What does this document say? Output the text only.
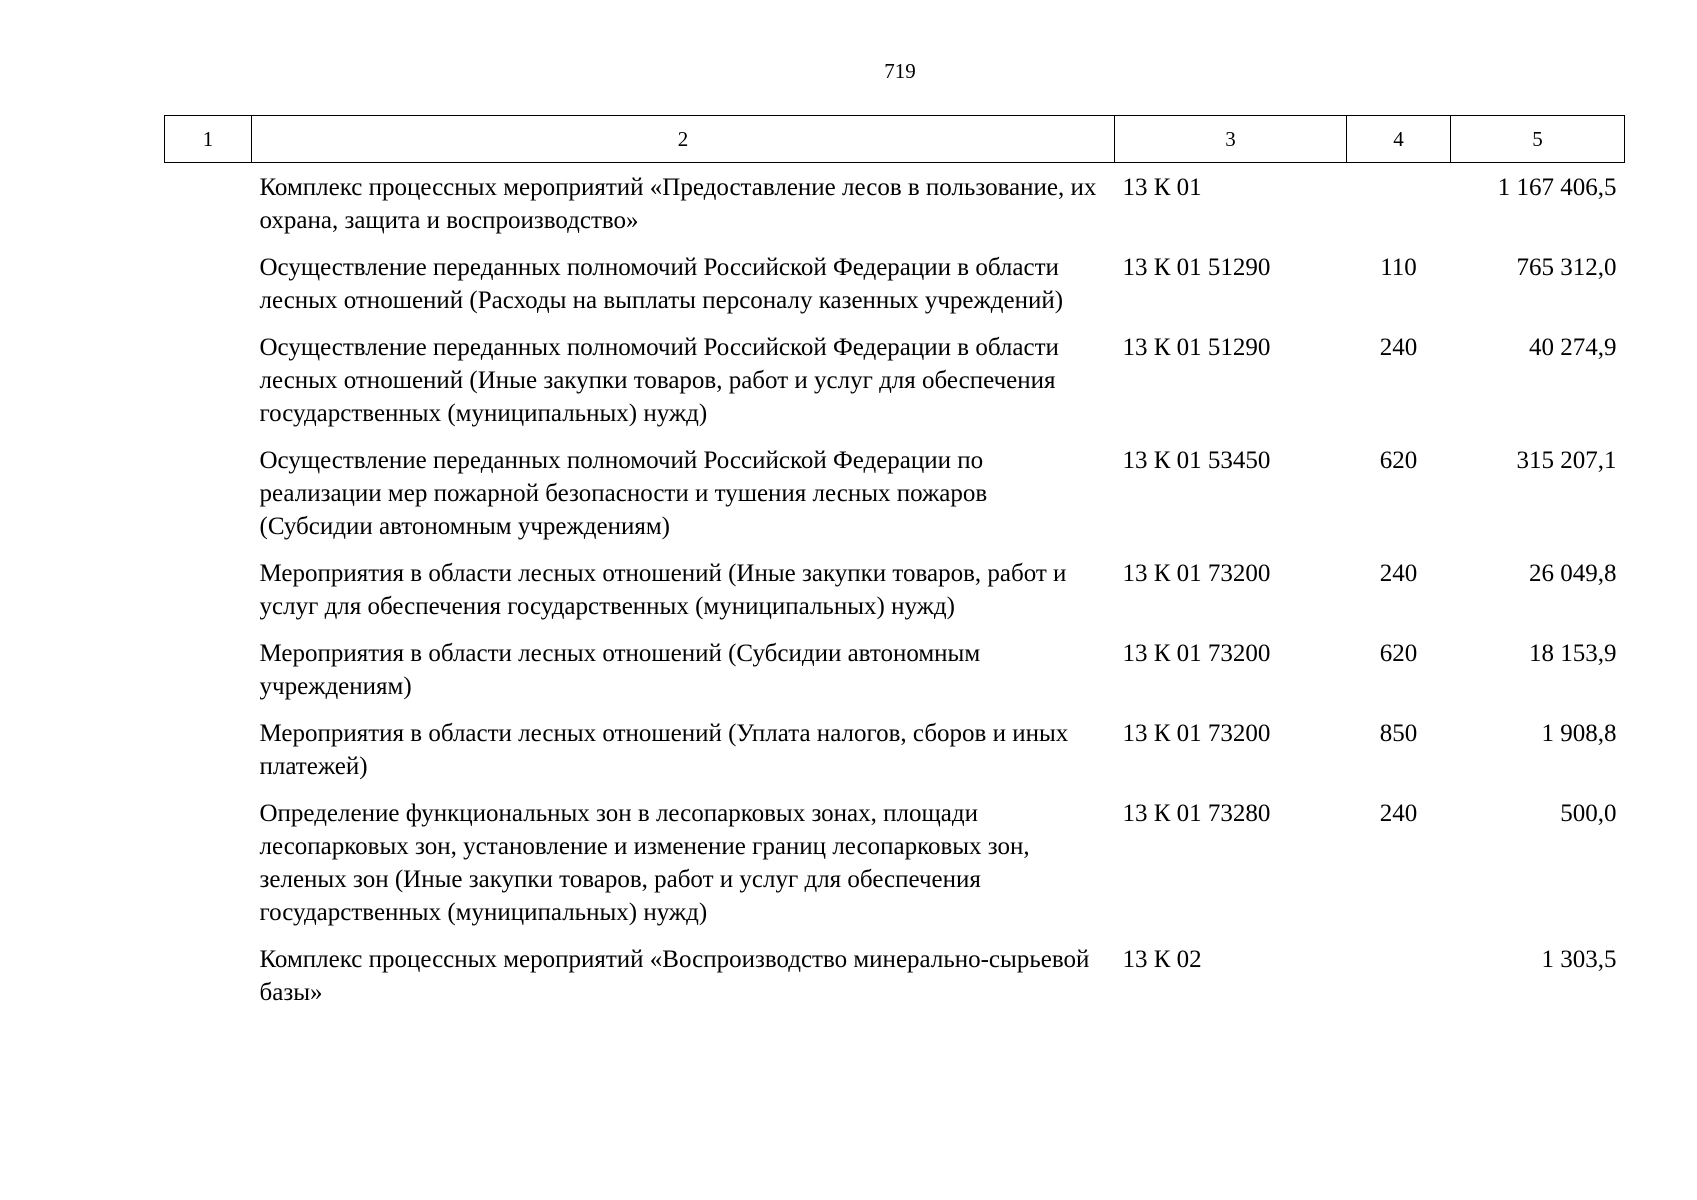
719
1	2	3	4	5
	Комплекс процессных мероприятий «Предоставление лесов в пользование, их охрана, защита и воспроизводство»	13 К 01		1 167 406,5
	Осуществление переданных полномочий Российской Федерации в области лесных отношений (Расходы на выплаты персоналу казенных учреждений)	13 К 01 51290	110	765 312,0
	Осуществление переданных полномочий Российской Федерации в области лесных отношений (Иные закупки товаров, работ и услуг для обеспечения государственных (муниципальных) нужд)	13 К 01 51290	240	40 274,9
	Осуществление переданных полномочий Российской Федерации по реализации мер пожарной безопасности и тушения лесных пожаров (Субсидии автономным учреждениям)	13 К 01 53450	620	315 207,1
	Мероприятия в области лесных отношений (Иные закупки товаров, работ и услуг для обеспечения государственных (муниципальных) нужд)	13 К 01 73200	240	26 049,8
	Мероприятия в области лесных отношений (Субсидии автономным учреждениям)	13 К 01 73200	620	18 153,9
	Мероприятия в области лесных отношений (Уплата налогов, сборов и иных платежей)	13 К 01 73200	850	1 908,8
	Определение функциональных зон в лесопарковых зонах, площади лесопарковых зон, установление и изменение границ лесопарковых зон, зеленых зон (Иные закупки товаров, работ и услуг для обеспечения государственных (муниципальных) нужд)	13 К 01 73280	240	500,0
	Комплекс процессных мероприятий «Воспроизводство минерально-сырьевой базы»	13 К 02		1 303,5
